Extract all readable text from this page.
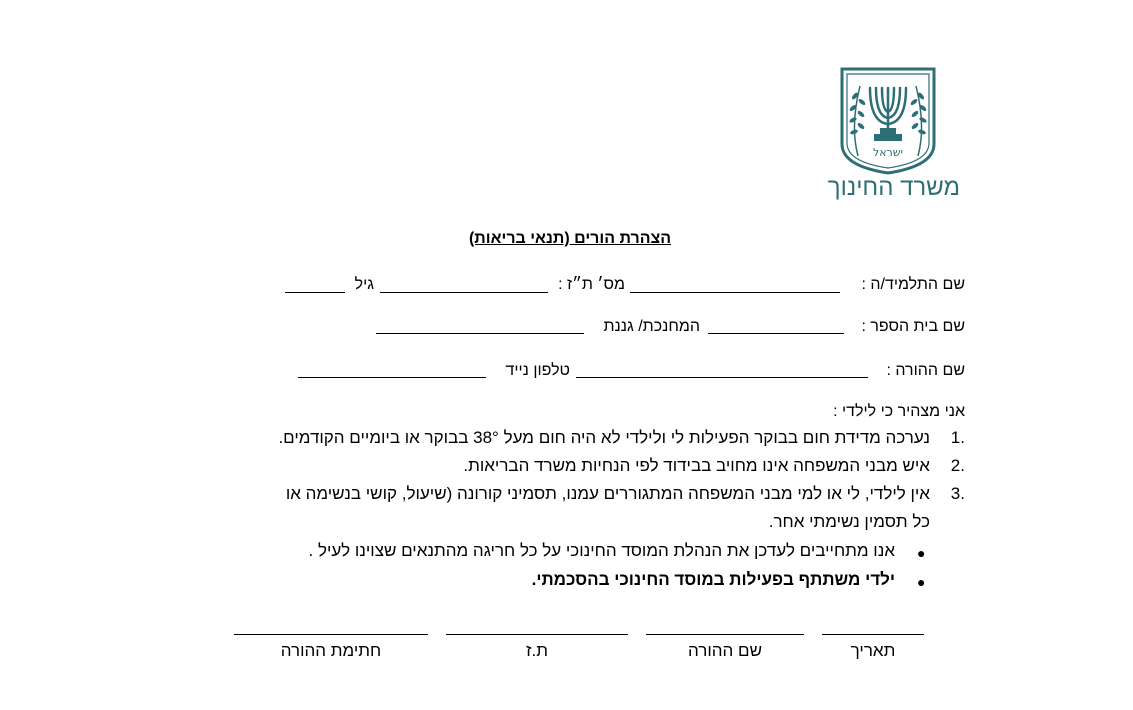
ישראל
משרד החינוך
הצהרת הורים (תנאי בריאות)
שם התלמיד/ה :
מס׳ ת״ז :
גיל
שם בית הספר :
המחנכת/ גננת
שם ההורה :
טלפון נייד
אני מצהיר כי לילדי :
.1
נערכה מדידת חום בבוקר הפעילות לי ולילדי לא היה חום מעל 38° בבוקר או ביומיים הקודמים.
.2
איש מבני המשפחה אינו מחויב בבידוד לפי הנחיות משרד הבריאות.
.3
אין לילדי, לי או למי מבני המשפחה המתגוררים עמנו, תסמיני קורונה (שיעול, קושי בנשימה או
כל תסמין נשימתי אחר.
●
אנו מתחייבים לעדכן את הנהלת המוסד החינוכי על כל חריגה מהתנאים שצוינו לעיל .
●
ילדי משתתף בפעילות במוסד החינוכי בהסכמתי.
תאריך
שם ההורה
ת.ז
חתימת ההורה
